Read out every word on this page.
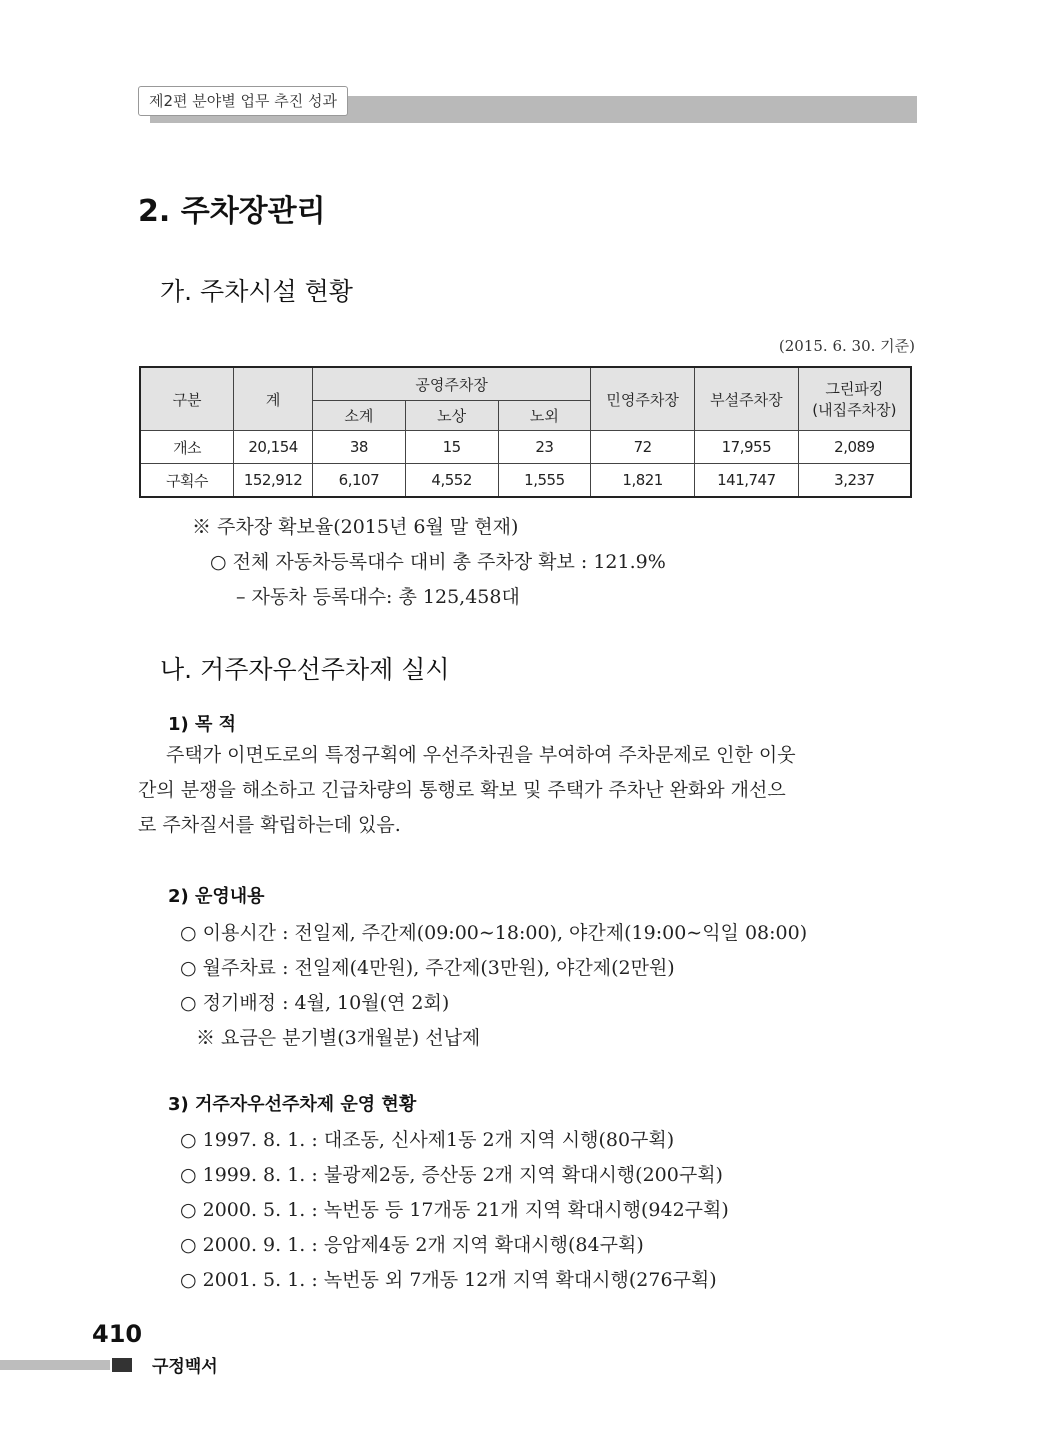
제2편 분야별 업무 추진 성과
2. 주차장관리
가. 주차시설 현황
(2015. 6. 30. 기준)
구분	계	공영주차장			민영주차장	부설주차장	그린파킹
(내집주차장)

		소계	노상	노외			
개소	20,154	38	15	23	72	17,955	2,089
구획수	152,912	6,107	4,552	1,555	1,821	141,747	3,237
※ 주차장 확보율(2015년 6월 말 현재)
○ 전체 자동차등록대수 대비 총 주차장 확보 : 121.9%
– 자동차 등록대수: 총 125,458대
나. 거주자우선주차제 실시
1) 목 적
주택가 이면도로의 특정구획에 우선주차권을 부여하여 주차문제로 인한 이웃
간의 분쟁을 해소하고 긴급차량의 통행로 확보 및 주택가 주차난 완화와 개선으
로 주차질서를 확립하는데 있음.
2) 운영내용
○ 이용시간 : 전일제, 주간제(09:00∼18:00), 야간제(19:00∼익일 08:00)
○ 월주차료 : 전일제(4만원), 주간제(3만원), 야간제(2만원)
○ 정기배정 : 4월, 10월(연 2회)
※ 요금은 분기별(3개월분) 선납제
3) 거주자우선주차제 운영 현황
○ 1997. 8. 1. : 대조동, 신사제1동 2개 지역 시행(80구획)
○ 1999. 8. 1. : 불광제2동, 증산동 2개 지역 확대시행(200구획)
○ 2000. 5. 1. : 녹번동 등 17개동 21개 지역 확대시행(942구획)
○ 2000. 9. 1. : 응암제4동 2개 지역 확대시행(84구획)
○ 2001. 5. 1. : 녹번동 외 7개동 12개 지역 확대시행(276구획)
410
구정백서
